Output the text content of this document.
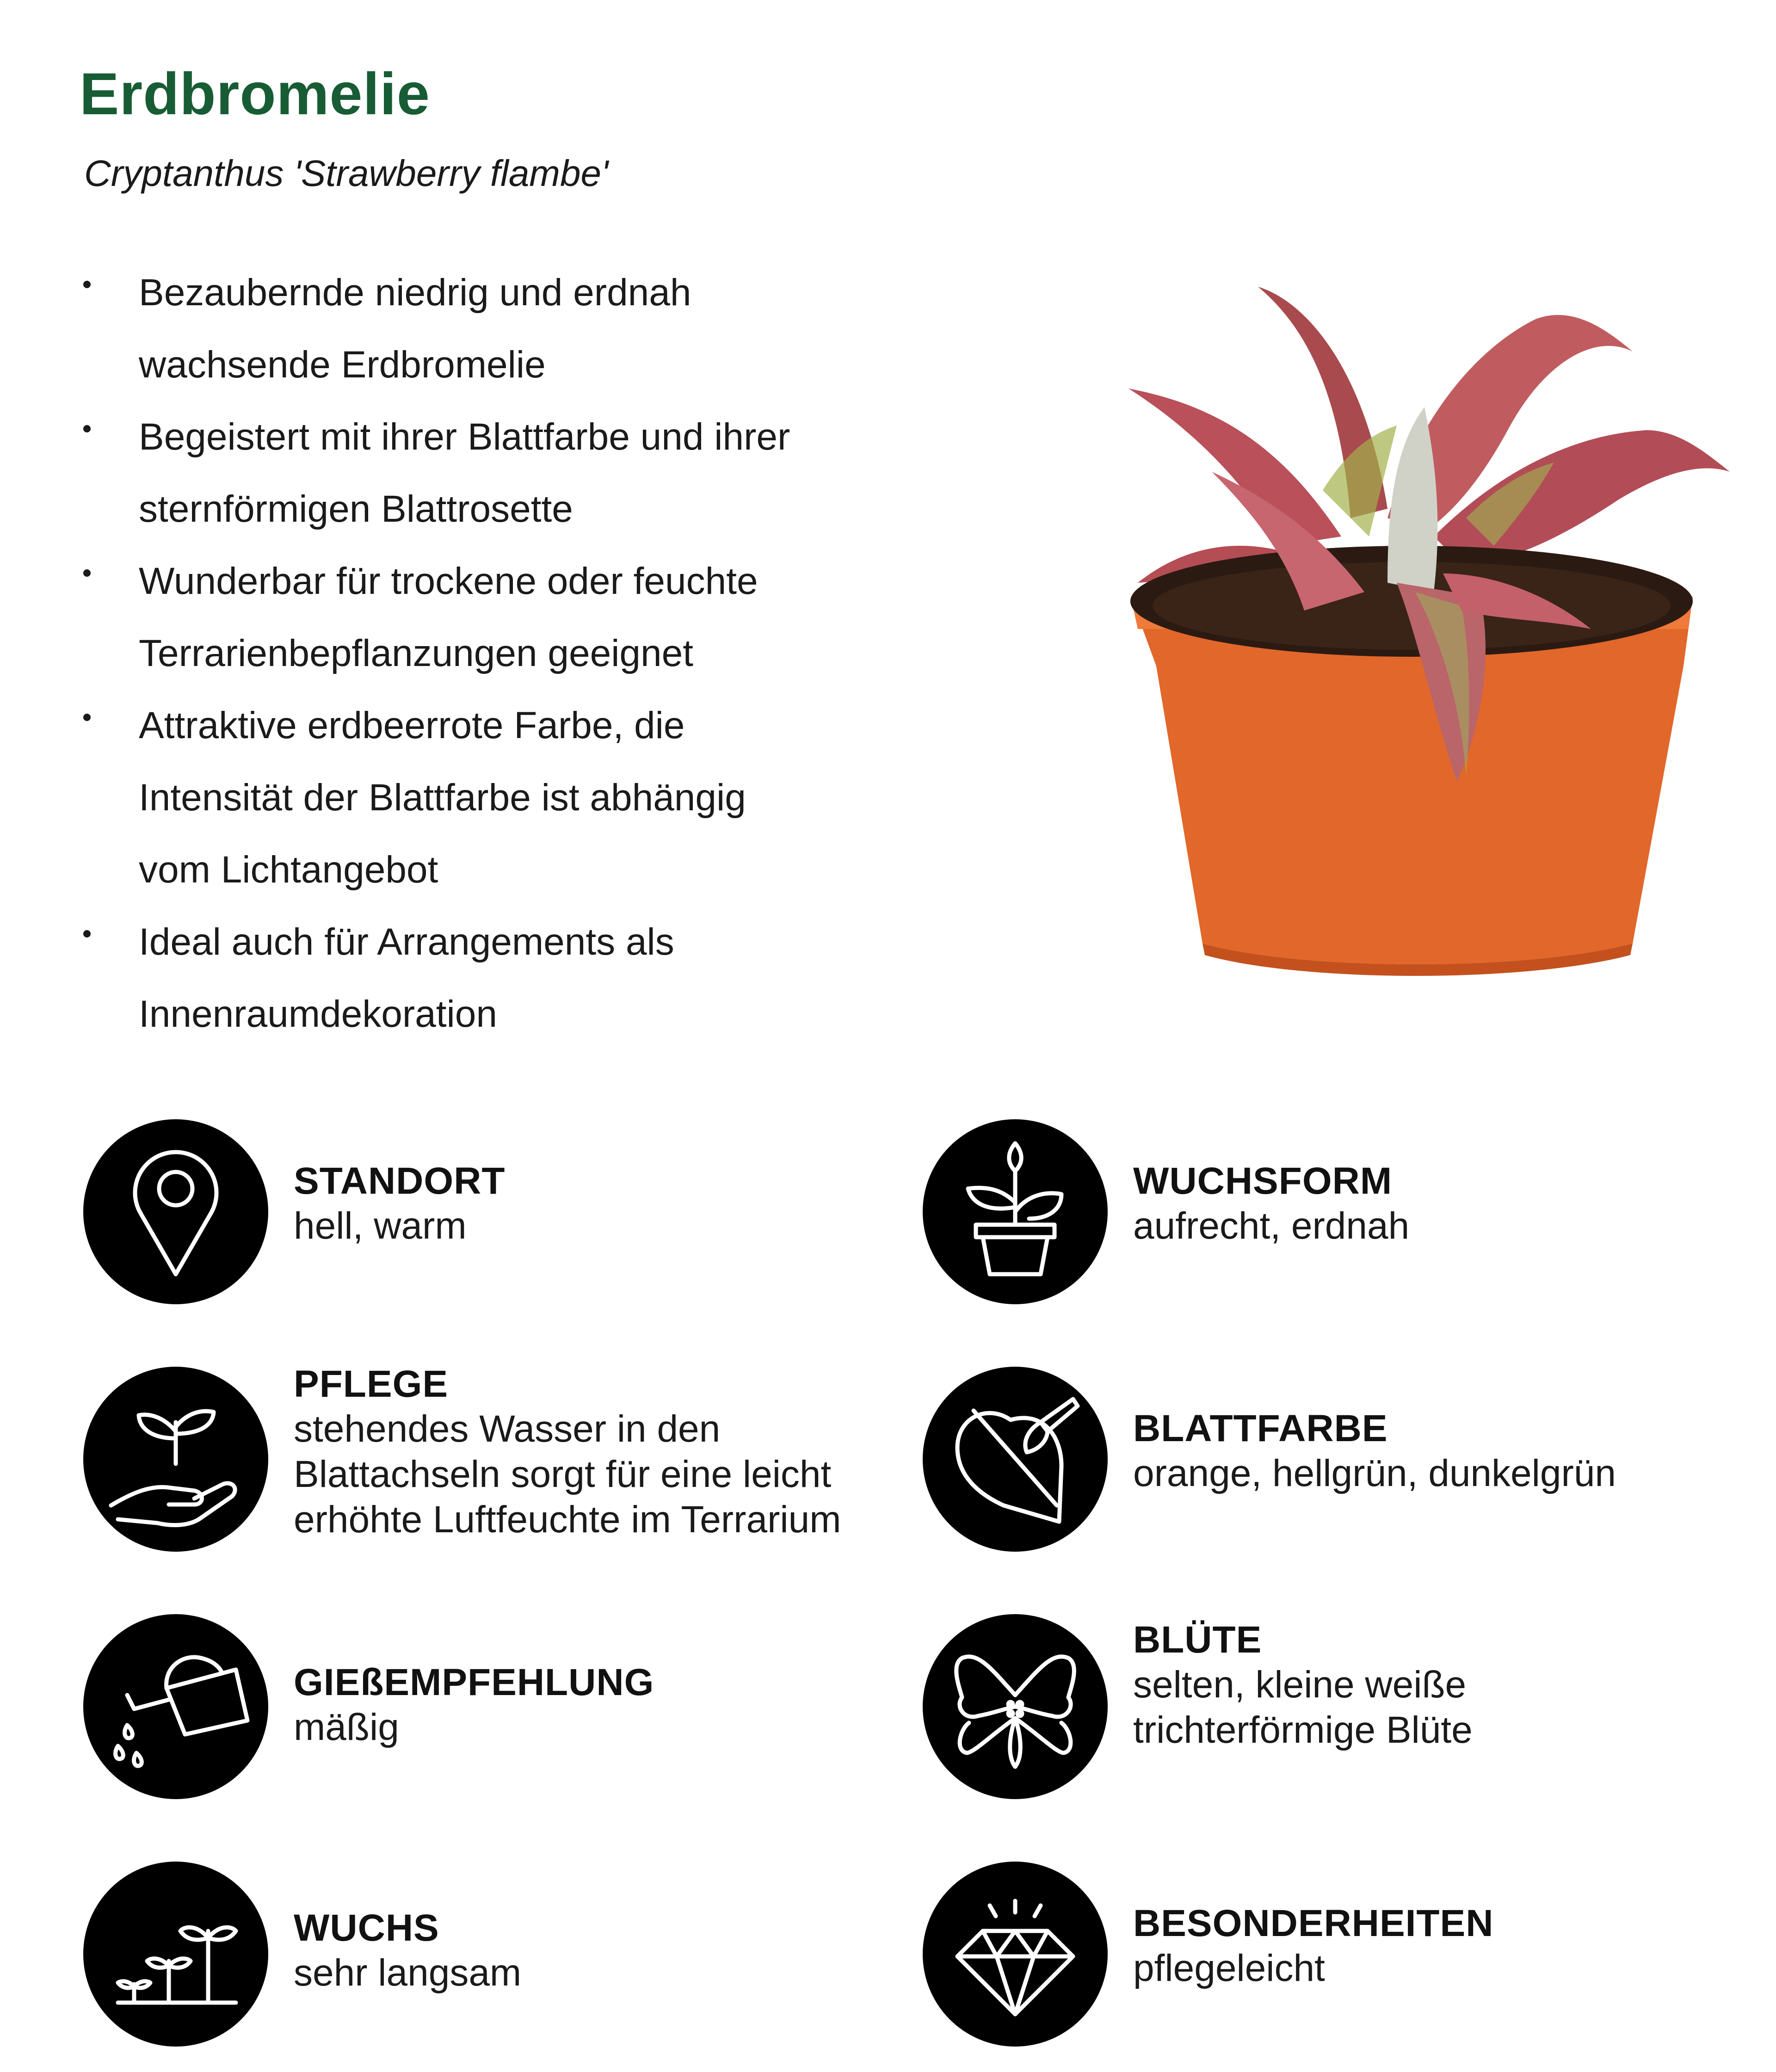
Erdbromelie
Cryptanthus 'Strawberry flambe'
Bezaubernde niedrig und erdnah
wachsende Erdbromelie
Begeistert mit ihrer Blattfarbe und ihrer
sternförmigen Blattrosette
Wunderbar für trockene oder feuchte
Terrarienbepflanzungen geeignet
Attraktive erdbeerrote Farbe, die
Intensität der Blattfarbe ist abhängig
vom Lichtangebot
Ideal auch für Arrangements als
Innenraumdekoration
STANDORT
hell, warm
WUCHSFORM
aufrecht, erdnah
PFLEGE
stehendes Wasser in den
Blattachseln sorgt für eine leicht
erhöhte Luftfeuchte im Terrarium
BLATTFARBE
orange, hellgrün, dunkelgrün
GIEßEMPFEHLUNG
mäßig
BLÜTE
selten, kleine weiße
trichterförmige Blüte
WUCHS
sehr langsam
BESONDERHEITEN
pflegeleicht
